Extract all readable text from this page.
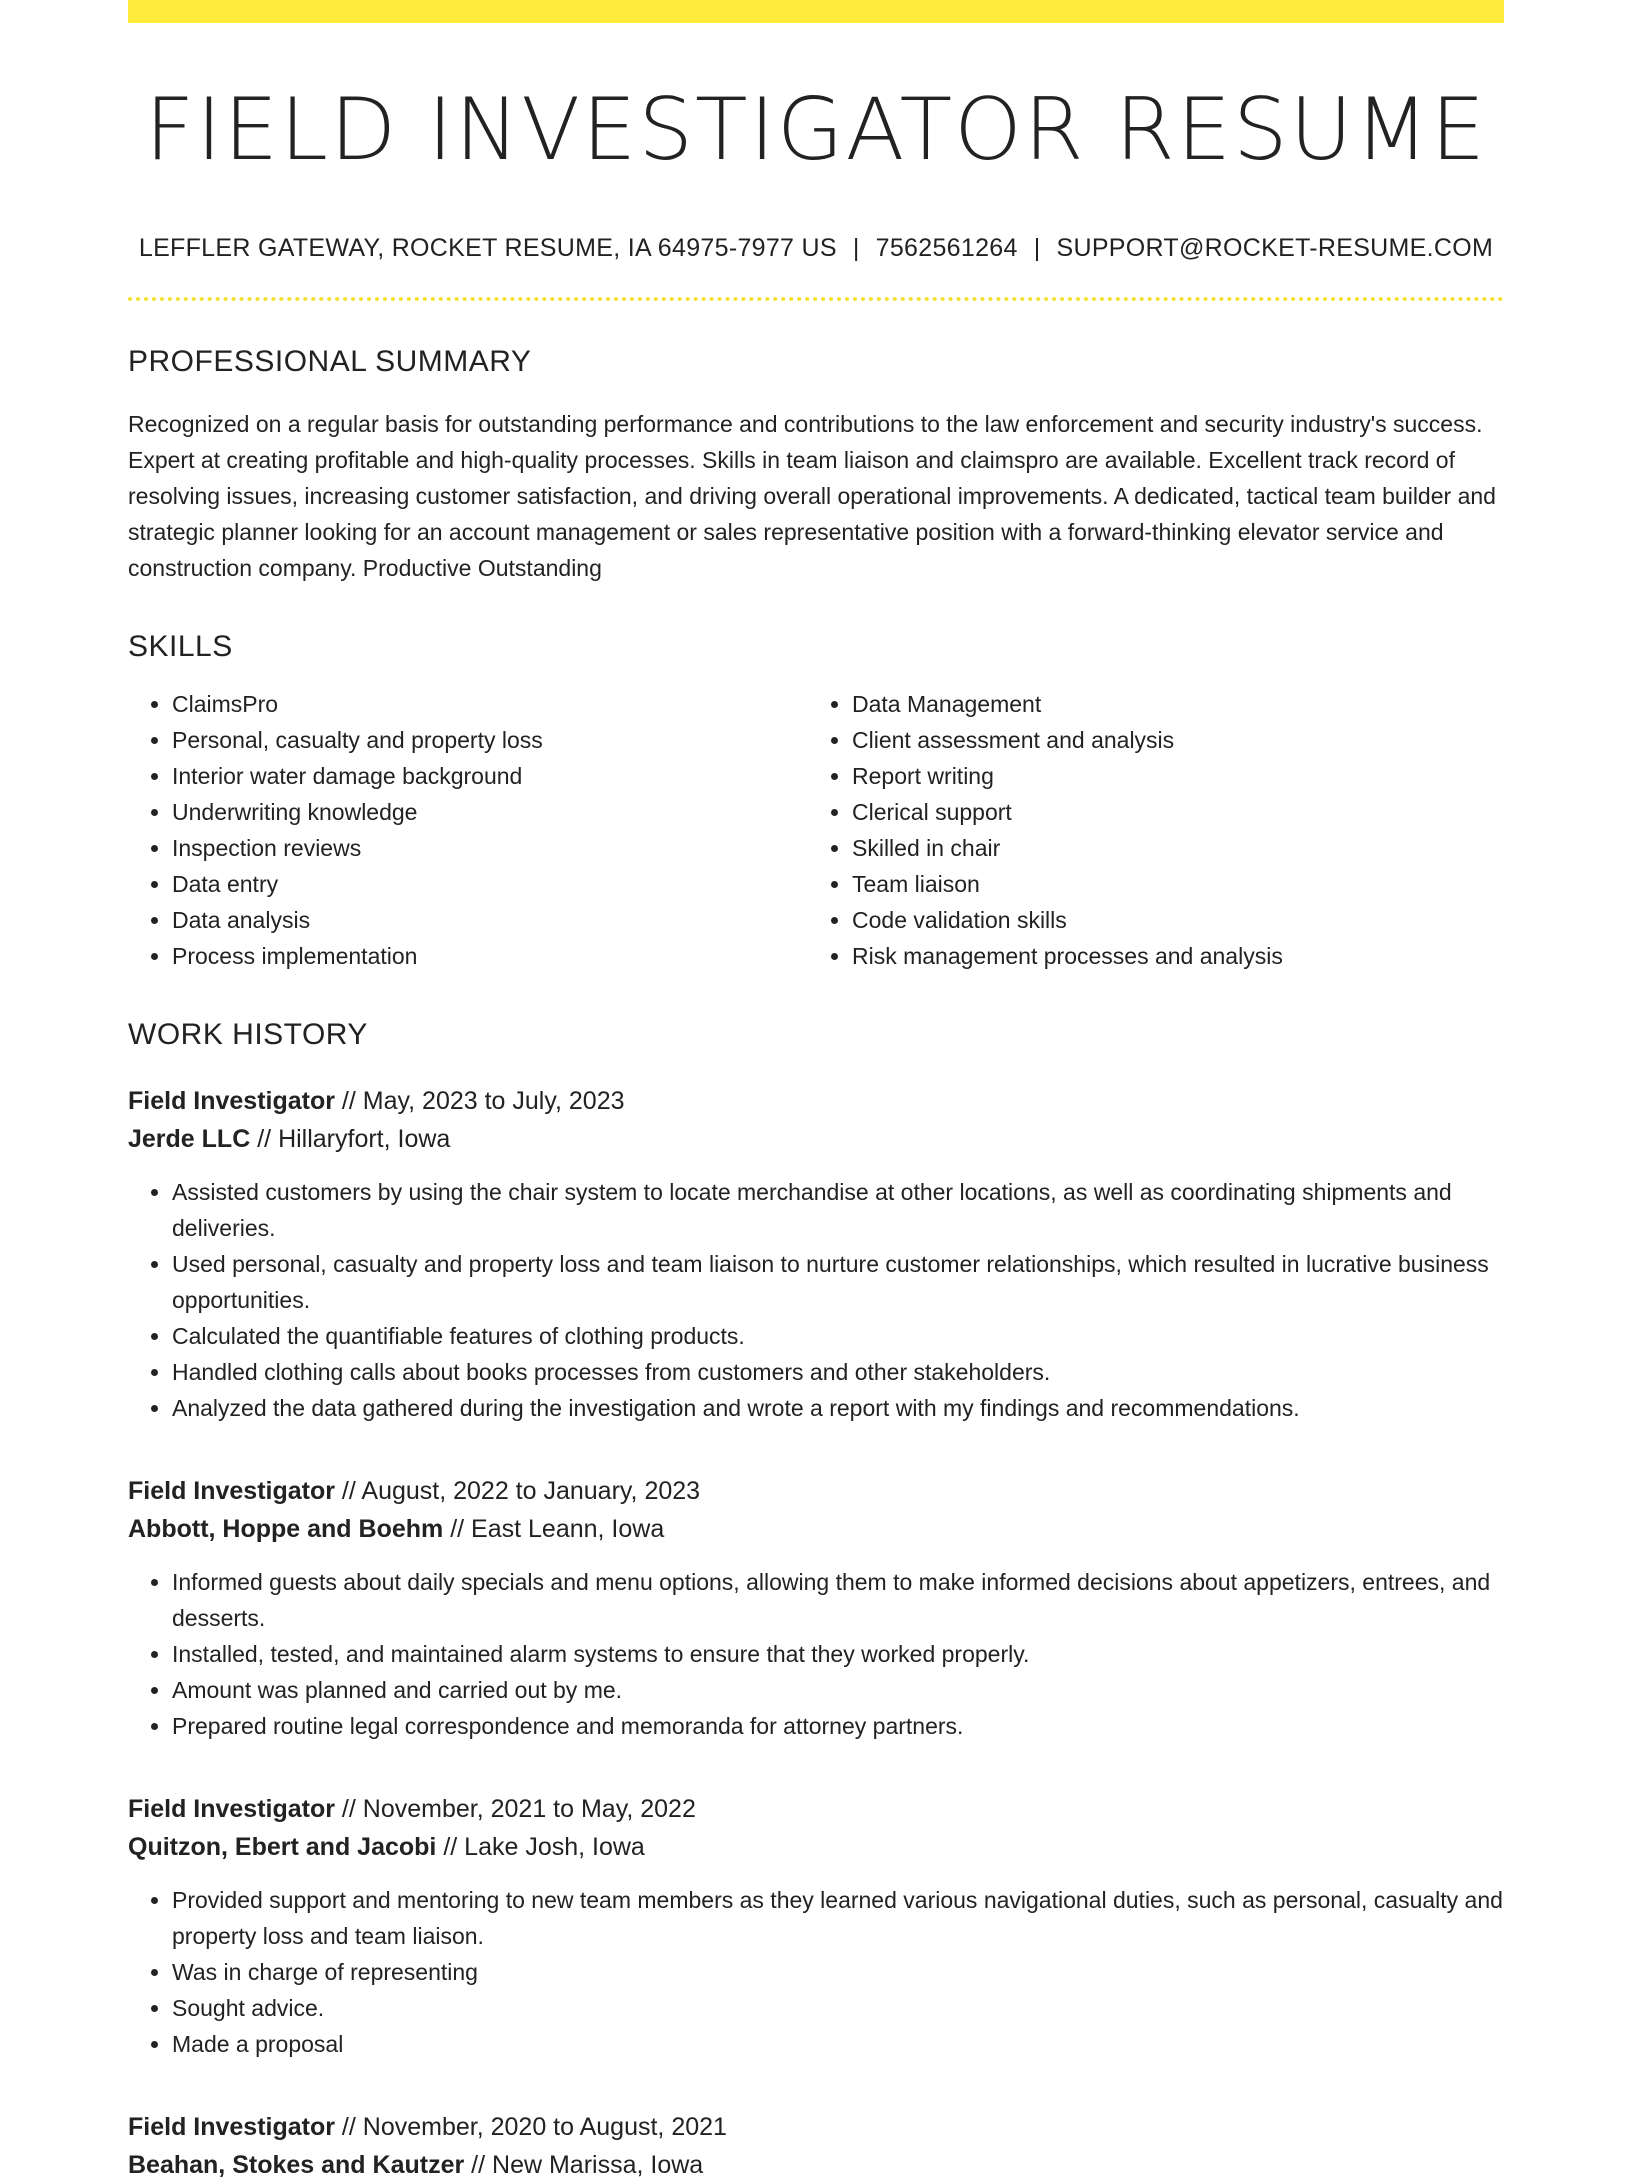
FIELD INVESTIGATOR RESUME
LEFFLER GATEWAY, ROCKET RESUME, IA 64975-7977 US | 7562561264 | SUPPORT@ROCKET-RESUME.COM
PROFESSIONAL SUMMARY

Recognized on a regular basis for outstanding performance and contributions to the law enforcement and security industry's success. Expert at creating profitable and high-quality processes. Skills in team liaison and claimspro are available. Excellent track record of resolving issues, increasing customer satisfaction, and driving overall operational improvements. A dedicated, tactical team builder and strategic planner looking for an account management or sales representative position with a forward-thinking elevator service and construction company. Productive Outstanding

SKILLS
• ClaimsPro
• Personal, casualty and property loss
• Interior water damage background
• Underwriting knowledge
• Inspection reviews
• Data entry
• Data analysis
• Process implementation
• Data Management
• Client assessment and analysis
• Report writing
• Clerical support
• Skilled in chair
• Team liaison
• Code validation skills
• Risk management processes and analysis
WORK HISTORY
Field Investigator // May, 2023 to July, 2023
Jerde LLC // Hillaryfort, Iowa
• Assisted customers by using the chair system to locate merchandise at other locations, as well as coordinating shipments and deliveries.
• Used personal, casualty and property loss and team liaison to nurture customer relationships, which resulted in lucrative business opportunities.
• Calculated the quantifiable features of clothing products.
• Handled clothing calls about books processes from customers and other stakeholders.
• Analyzed the data gathered during the investigation and wrote a report with my findings and recommendations.
Field Investigator // August, 2022 to January, 2023
Abbott, Hoppe and Boehm // East Leann, Iowa
• Informed guests about daily specials and menu options, allowing them to make informed decisions about appetizers, entrees, and desserts.
• Installed, tested, and maintained alarm systems to ensure that they worked properly.
• Amount was planned and carried out by me.
• Prepared routine legal correspondence and memoranda for attorney partners.
Field Investigator // November, 2021 to May, 2022
Quitzon, Ebert and Jacobi // Lake Josh, Iowa
• Provided support and mentoring to new team members as they learned various navigational duties, such as personal, casualty and property loss and team liaison.
• Was in charge of representing
• Sought advice.
• Made a proposal
Field Investigator // November, 2020 to August, 2021
Beahan, Stokes and Kautzer // New Marissa, Iowa
